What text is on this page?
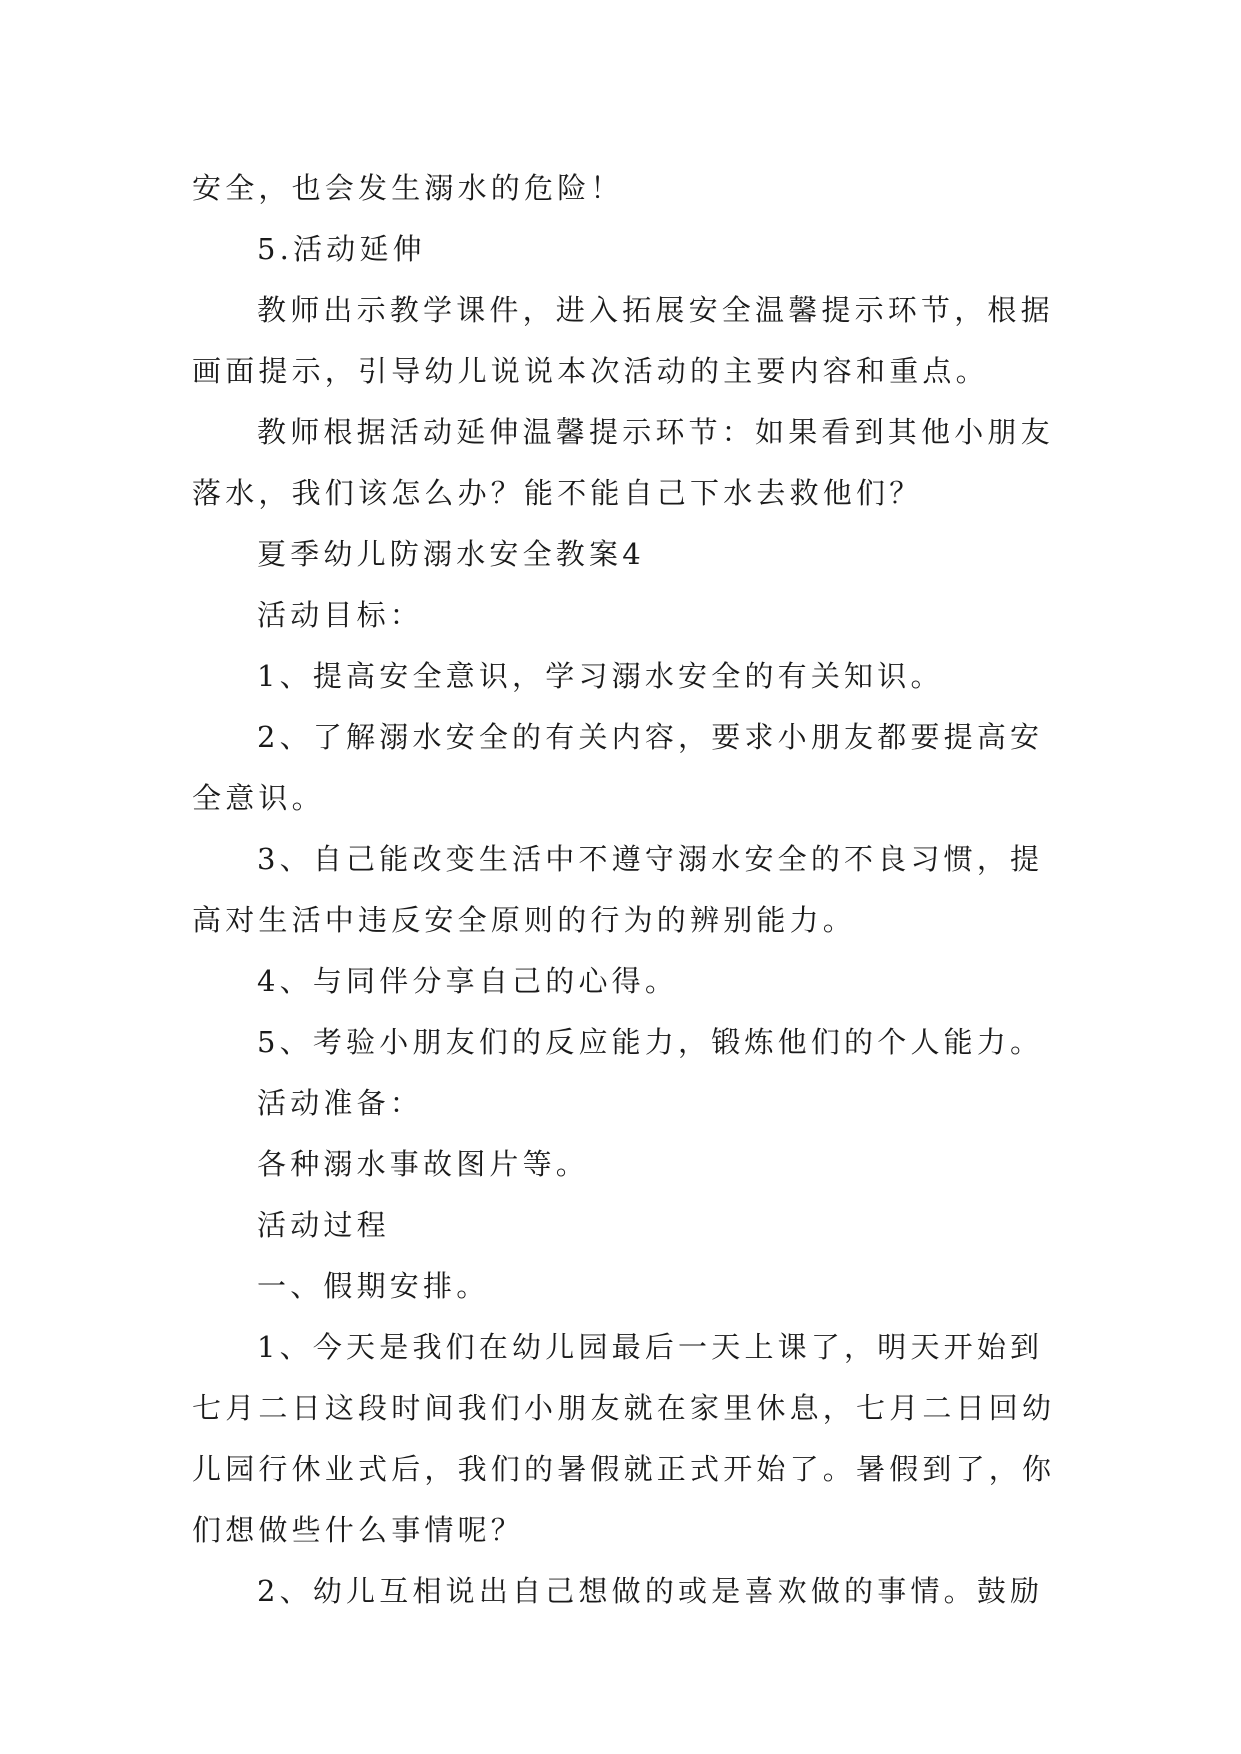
安全，也会发生溺水的危险！
5.活动延伸
教师出示教学课件，进入拓展安全温馨提示环节，根据
画面提示，引导幼儿说说本次活动的主要内容和重点。
教师根据活动延伸温馨提示环节：如果看到其他小朋友
落水，我们该怎么办？能不能自己下水去救他们？
夏季幼儿防溺水安全教案4
活动目标：
1、提高安全意识，学习溺水安全的有关知识。
2、了解溺水安全的有关内容，要求小朋友都要提高安
全意识。
3、自己能改变生活中不遵守溺水安全的不良习惯，提
高对生活中违反安全原则的行为的辨别能力。
4、与同伴分享自己的心得。
5、考验小朋友们的反应能力，锻炼他们的个人能力。
活动准备：
各种溺水事故图片等。
活动过程
一、假期安排。
1、今天是我们在幼儿园最后一天上课了，明天开始到
七月二日这段时间我们小朋友就在家里休息，七月二日回幼
儿园行休业式后，我们的暑假就正式开始了。暑假到了，你
们想做些什么事情呢？
2、幼儿互相说出自己想做的或是喜欢做的事情。鼓励
